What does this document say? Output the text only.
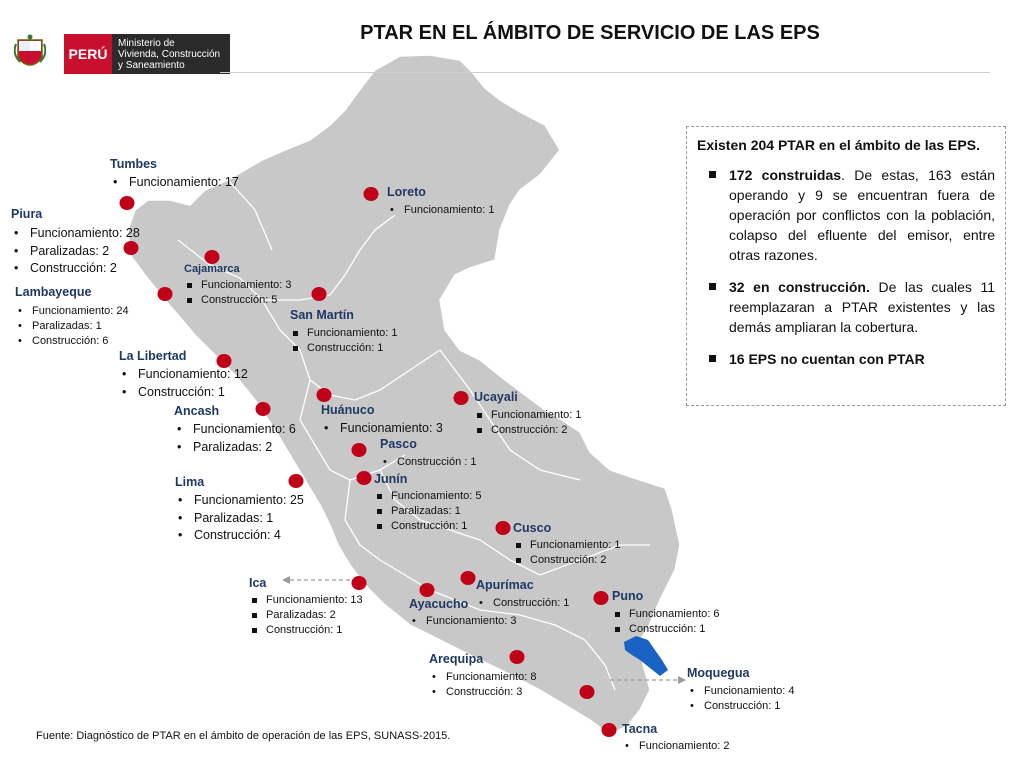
PERÚ
Ministerio de
Vivienda, Construcción
y Saneamiento
PTAR EN EL ÁMBITO DE SERVICIO DE LAS EPS
Tumbes
• Funcionamiento: 17
Piura
• Funcionamiento: 28
• Paralizadas: 2
• Construcción: 2
Lambayeque
• Funcionamiento: 24
• Paralizadas: 1
• Construcción: 6
Cajamarca
Funcionamiento: 3
Construcción: 5
Loreto
• Funcionamiento: 1
San Martín
Funcionamiento: 1
Construcción: 1
La Libertad
• Funcionamiento: 12
• Construcción: 1
Ancash
• Funcionamiento: 6
• Paralizadas: 2
Huánuco
• Funcionamiento: 3
Ucayali
Funcionamiento: 1
Construcción: 2
Pasco
• Construcción : 1
Lima
• Funcionamiento: 25
• Paralizadas: 1
• Construcción: 4
Junín
Funcionamiento: 5
Paralizadas: 1
Construcción: 1	Cusco
Funcionamiento: 1
Construcción: 2
Ica
Funcionamiento: 13
Paralizadas: 2
Construcción: 1
Apurímac
• Construcción: 1
Ayacucho
• Funcionamiento: 3
Puno
Funcionamiento: 6
Construcción: 1
Arequipa
• Funcionamiento: 8
• Construcción: 3
Moquegua
• Funcionamiento: 4
• Construcción: 1
Tacna
• Funcionamiento: 2
Existen 204 PTAR en el ámbito de las EPS.
172 construidas. De estas, 163 están operando y 9 se encuentran fuera de operación por conflictos con la población, colapso del efluente del emisor, entre otras razones.
32 en construcción. De las cuales 11 reemplazaran a PTAR existentes y las demás ampliaran la cobertura.
16 EPS no cuentan con PTAR
Fuente: Diagnóstico de PTAR en el ámbito de operación de las EPS, SUNASS-2015.
